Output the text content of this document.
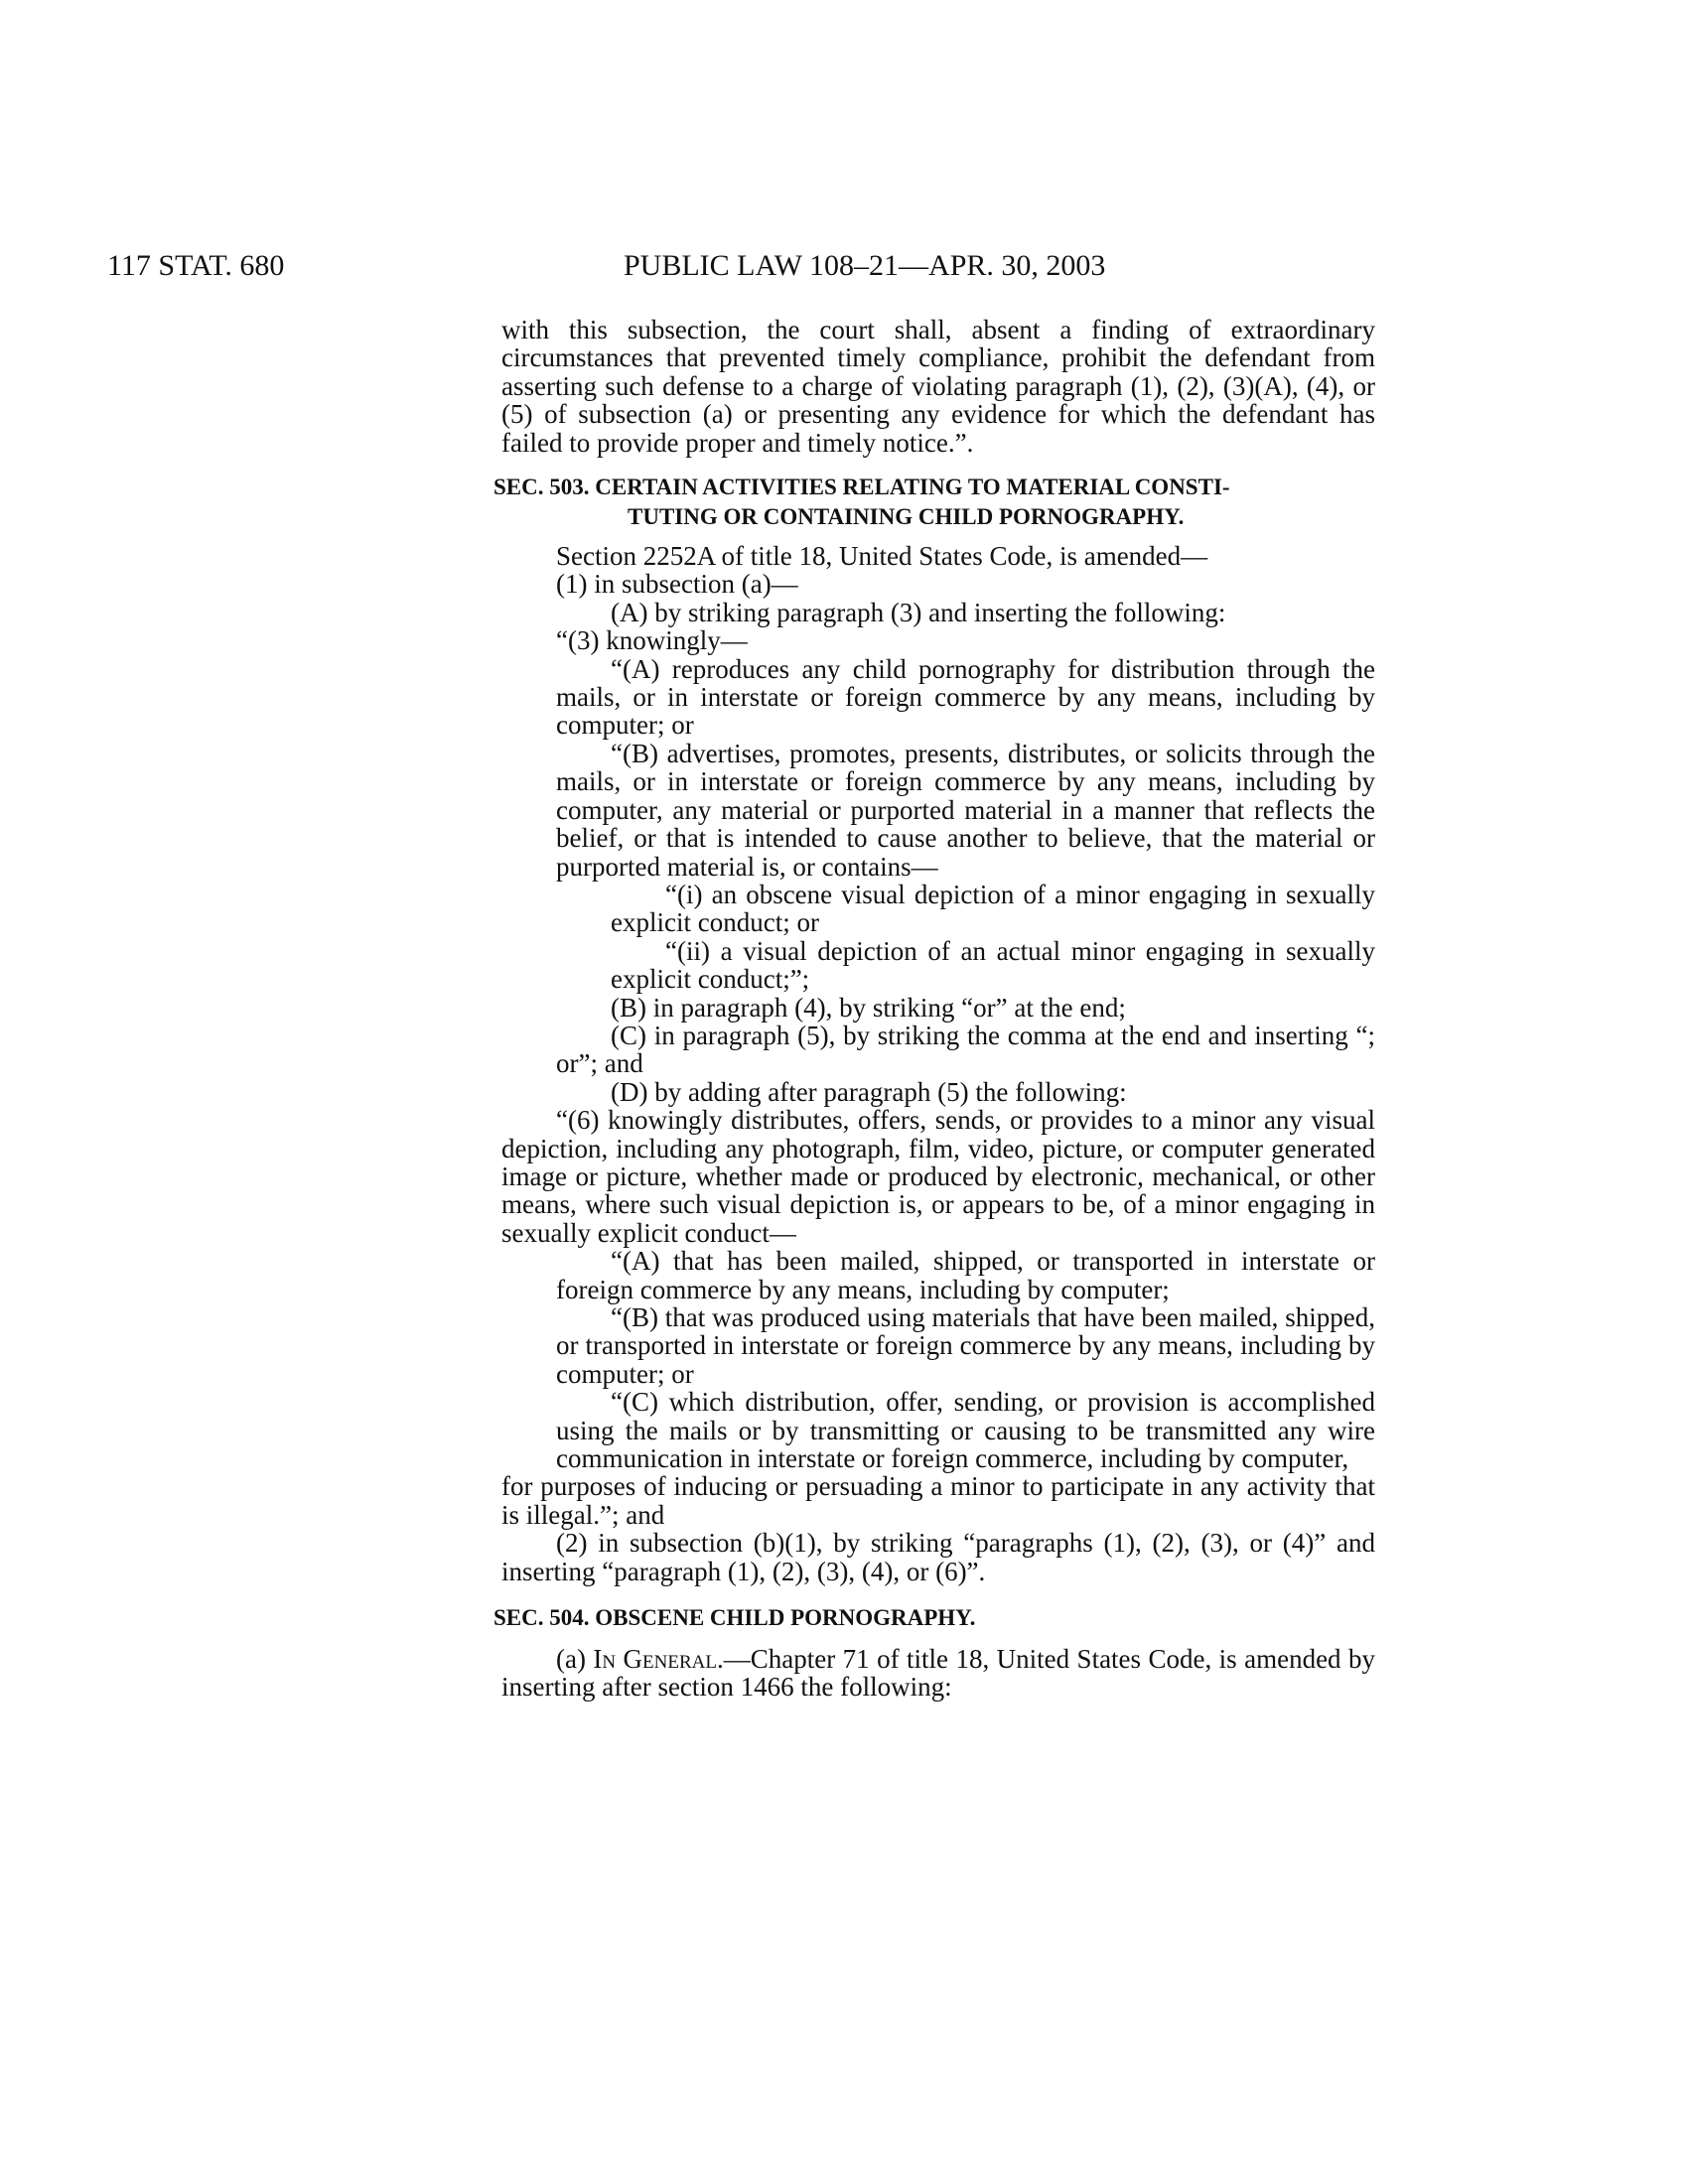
117 STAT. 680	PUBLIC LAW 108–21—APR. 30, 2003

with this subsection, the court shall, absent a finding of extraordinary circumstances that prevented timely compliance, prohibit the defendant from asserting such defense to a charge of violating paragraph (1), (2), (3)(A), (4), or (5) of subsection (a) or presenting any evidence for which the defendant has failed to provide proper and timely notice.”.

SEC. 503. CERTAIN ACTIVITIES RELATING TO MATERIAL CONSTI-
TUTING OR CONTAINING CHILD PORNOGRAPHY.

Section 2252A of title 18, United States Code, is amended—

(1) in subsection (a)—

(A) by striking paragraph (3) and inserting the following:

“(3) knowingly—

“(A) reproduces any child pornography for distribution through the mails, or in interstate or foreign commerce by any means, including by computer; or

“(B) advertises, promotes, presents, distributes, or solicits through the mails, or in interstate or foreign commerce by any means, including by computer, any material or purported material in a manner that reflects the belief, or that is intended to cause another to believe, that the material or purported material is, or contains—

“(i) an obscene visual depiction of a minor engaging in sexually explicit conduct; or

“(ii) a visual depiction of an actual minor engaging in sexually explicit conduct;”;

(B) in paragraph (4), by striking “or” at the end;

(C) in paragraph (5), by striking the comma at the end and inserting “; or”; and

(D) by adding after paragraph (5) the following:

“(6) knowingly distributes, offers, sends, or provides to a minor any visual depiction, including any photograph, film, video, picture, or computer generated image or picture, whether made or produced by electronic, mechanical, or other means, where such visual depiction is, or appears to be, of a minor engaging in sexually explicit conduct—

“(A) that has been mailed, shipped, or transported in interstate or foreign commerce by any means, including by computer;

“(B) that was produced using materials that have been mailed, shipped, or transported in interstate or foreign commerce by any means, including by computer; or

“(C) which distribution, offer, sending, or provision is accomplished using the mails or by transmitting or causing to be transmitted any wire communication in interstate or foreign commerce, including by computer,

for purposes of inducing or persuading a minor to participate in any activity that is illegal.”; and

(2) in subsection (b)(1), by striking “paragraphs (1), (2), (3), or (4)” and inserting “paragraph (1), (2), (3), (4), or (6)”.

SEC. 504. OBSCENE CHILD PORNOGRAPHY.

(a) In General.—Chapter 71 of title 18, United States Code, is amended by inserting after section 1466 the following:
